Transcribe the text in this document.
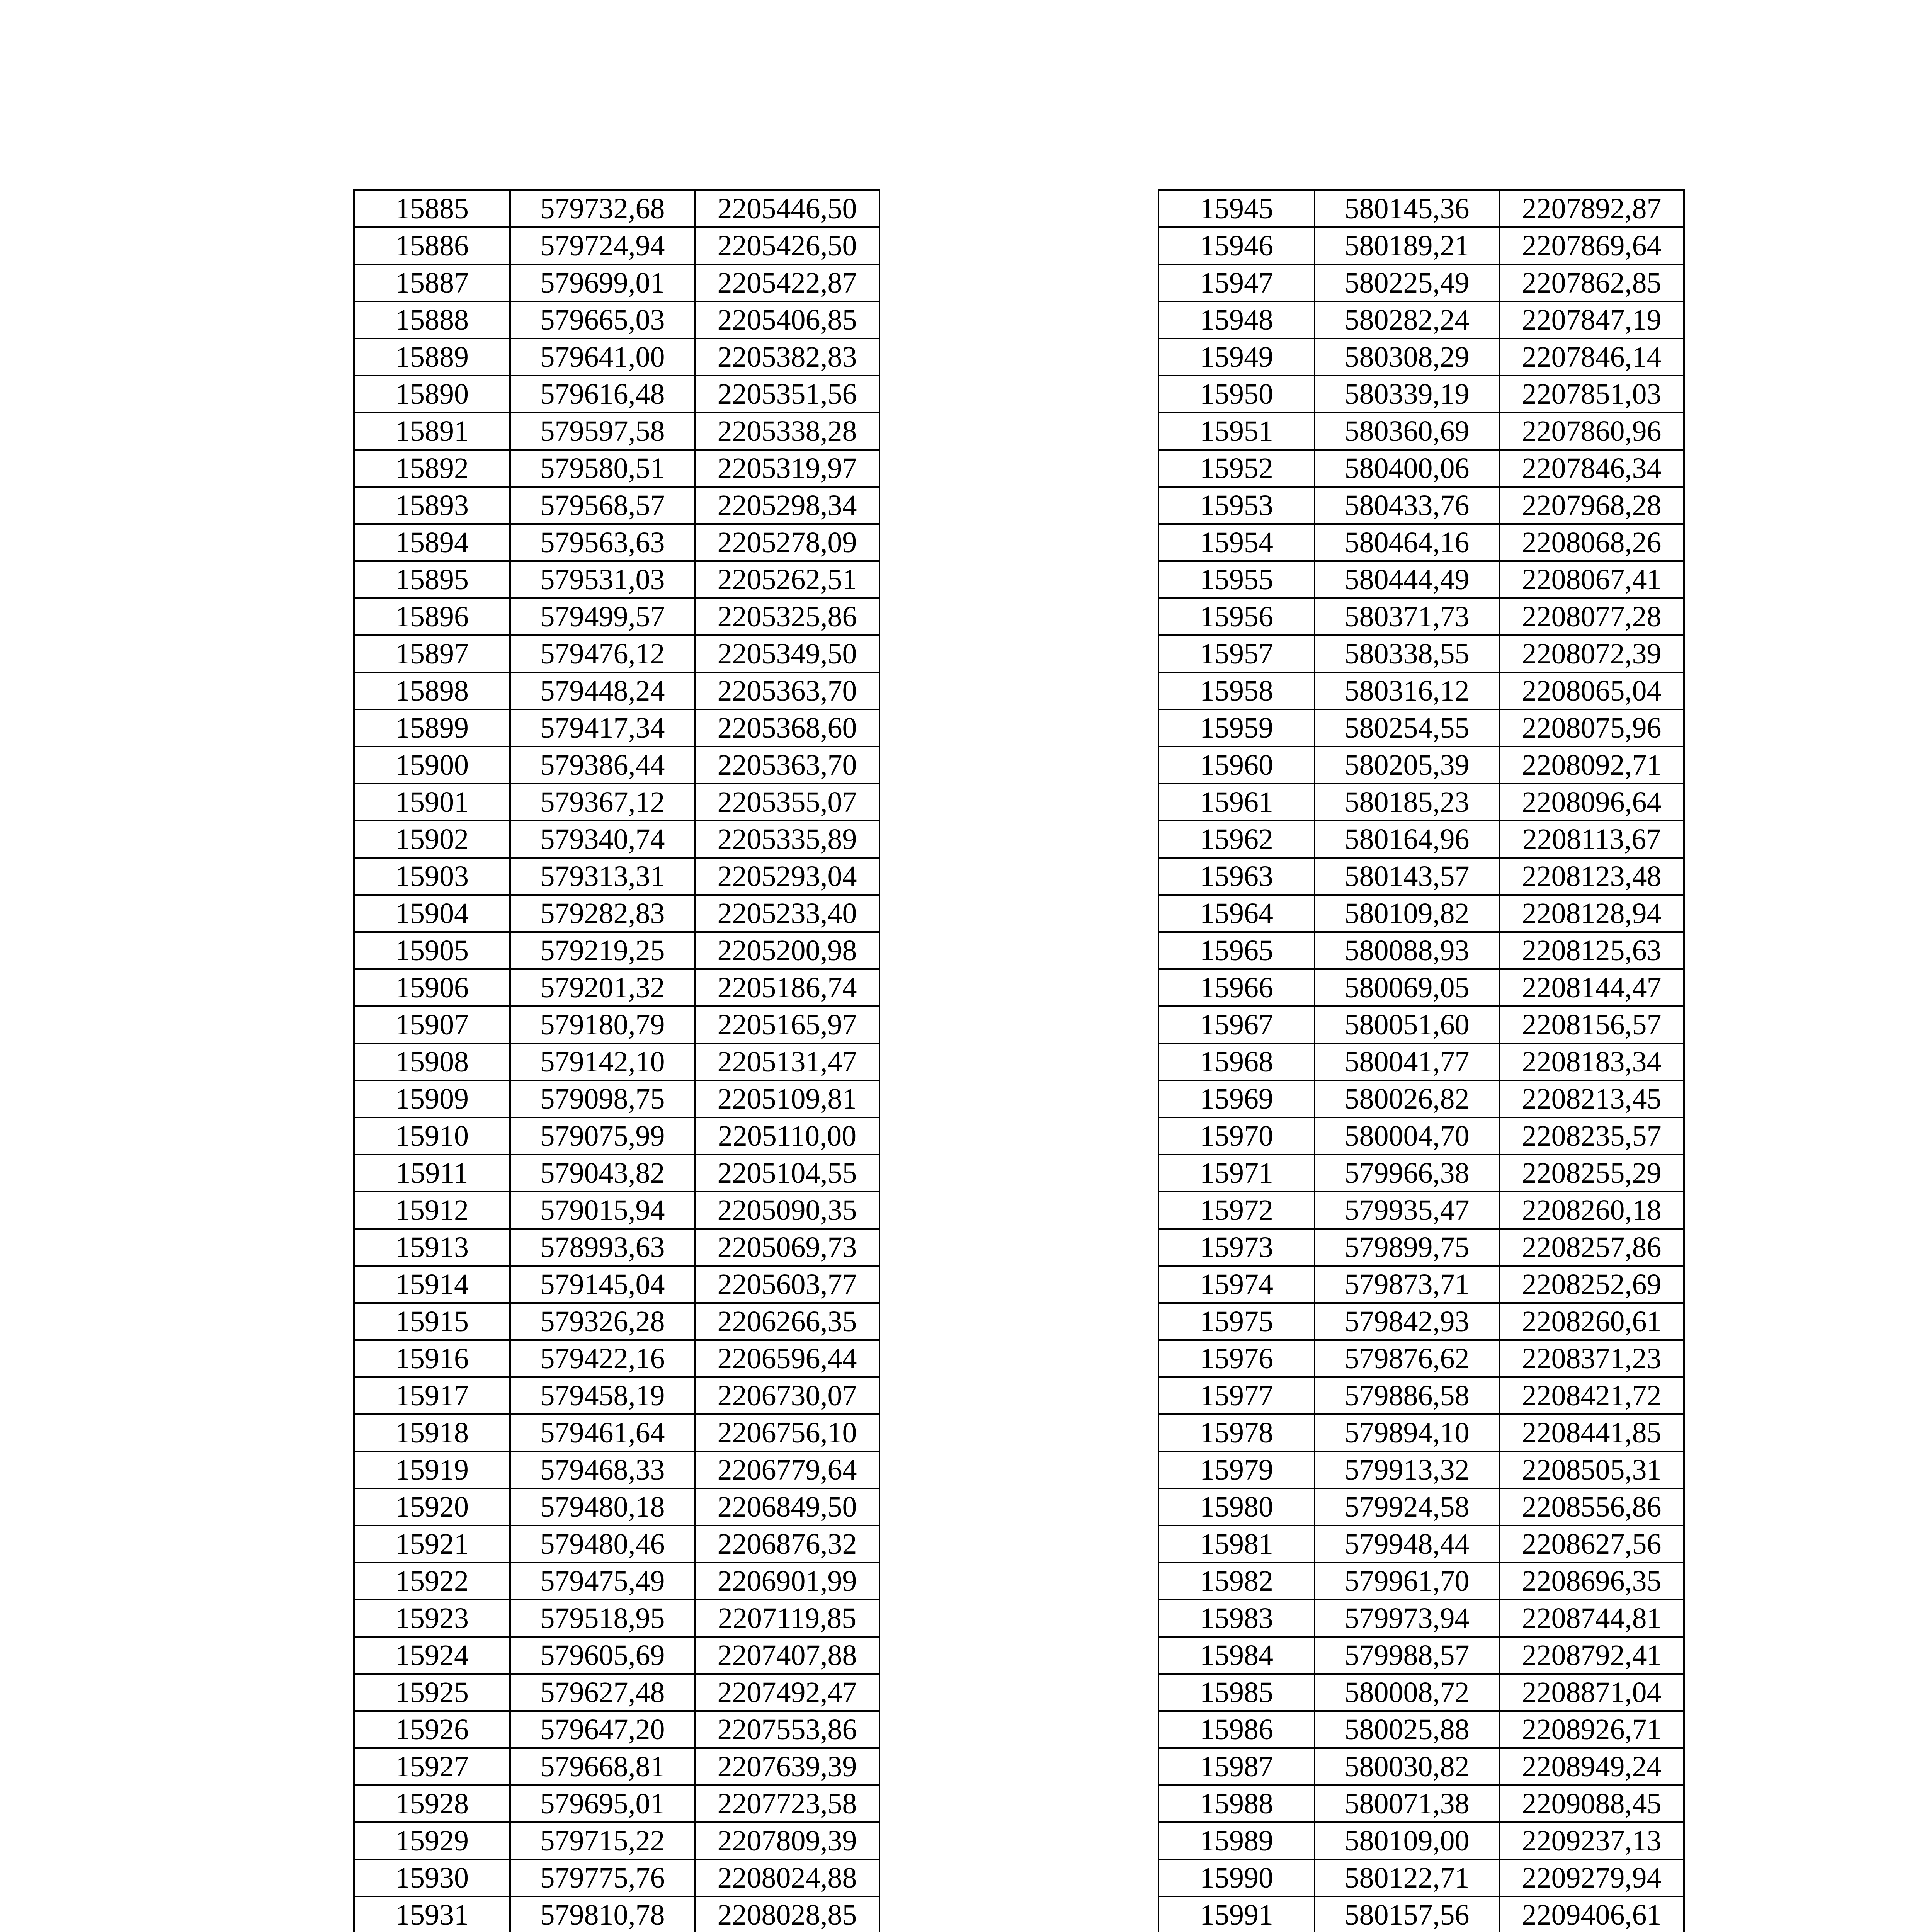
15885	579732,68	2205446,50
15886	579724,94	2205426,50
15887	579699,01	2205422,87
15888	579665,03	2205406,85
15889	579641,00	2205382,83
15890	579616,48	2205351,56
15891	579597,58	2205338,28
15892	579580,51	2205319,97
15893	579568,57	2205298,34
15894	579563,63	2205278,09
15895	579531,03	2205262,51
15896	579499,57	2205325,86
15897	579476,12	2205349,50
15898	579448,24	2205363,70
15899	579417,34	2205368,60
15900	579386,44	2205363,70
15901	579367,12	2205355,07
15902	579340,74	2205335,89
15903	579313,31	2205293,04
15904	579282,83	2205233,40
15905	579219,25	2205200,98
15906	579201,32	2205186,74
15907	579180,79	2205165,97
15908	579142,10	2205131,47
15909	579098,75	2205109,81
15910	579075,99	2205110,00
15911	579043,82	2205104,55
15912	579015,94	2205090,35
15913	578993,63	2205069,73
15914	579145,04	2205603,77
15915	579326,28	2206266,35
15916	579422,16	2206596,44
15917	579458,19	2206730,07
15918	579461,64	2206756,10
15919	579468,33	2206779,64
15920	579480,18	2206849,50
15921	579480,46	2206876,32
15922	579475,49	2206901,99
15923	579518,95	2207119,85
15924	579605,69	2207407,88
15925	579627,48	2207492,47
15926	579647,20	2207553,86
15927	579668,81	2207639,39
15928	579695,01	2207723,58
15929	579715,22	2207809,39
15930	579775,76	2208024,88
15931	579810,78	2208028,85

15945	580145,36	2207892,87
15946	580189,21	2207869,64
15947	580225,49	2207862,85
15948	580282,24	2207847,19
15949	580308,29	2207846,14
15950	580339,19	2207851,03
15951	580360,69	2207860,96
15952	580400,06	2207846,34
15953	580433,76	2207968,28
15954	580464,16	2208068,26
15955	580444,49	2208067,41
15956	580371,73	2208077,28
15957	580338,55	2208072,39
15958	580316,12	2208065,04
15959	580254,55	2208075,96
15960	580205,39	2208092,71
15961	580185,23	2208096,64
15962	580164,96	2208113,67
15963	580143,57	2208123,48
15964	580109,82	2208128,94
15965	580088,93	2208125,63
15966	580069,05	2208144,47
15967	580051,60	2208156,57
15968	580041,77	2208183,34
15969	580026,82	2208213,45
15970	580004,70	2208235,57
15971	579966,38	2208255,29
15972	579935,47	2208260,18
15973	579899,75	2208257,86
15974	579873,71	2208252,69
15975	579842,93	2208260,61
15976	579876,62	2208371,23
15977	579886,58	2208421,72
15978	579894,10	2208441,85
15979	579913,32	2208505,31
15980	579924,58	2208556,86
15981	579948,44	2208627,56
15982	579961,70	2208696,35
15983	579973,94	2208744,81
15984	579988,57	2208792,41
15985	580008,72	2208871,04
15986	580025,88	2208926,71
15987	580030,82	2208949,24
15988	580071,38	2209088,45
15989	580109,00	2209237,13
15990	580122,71	2209279,94
15991	580157,56	2209406,61
